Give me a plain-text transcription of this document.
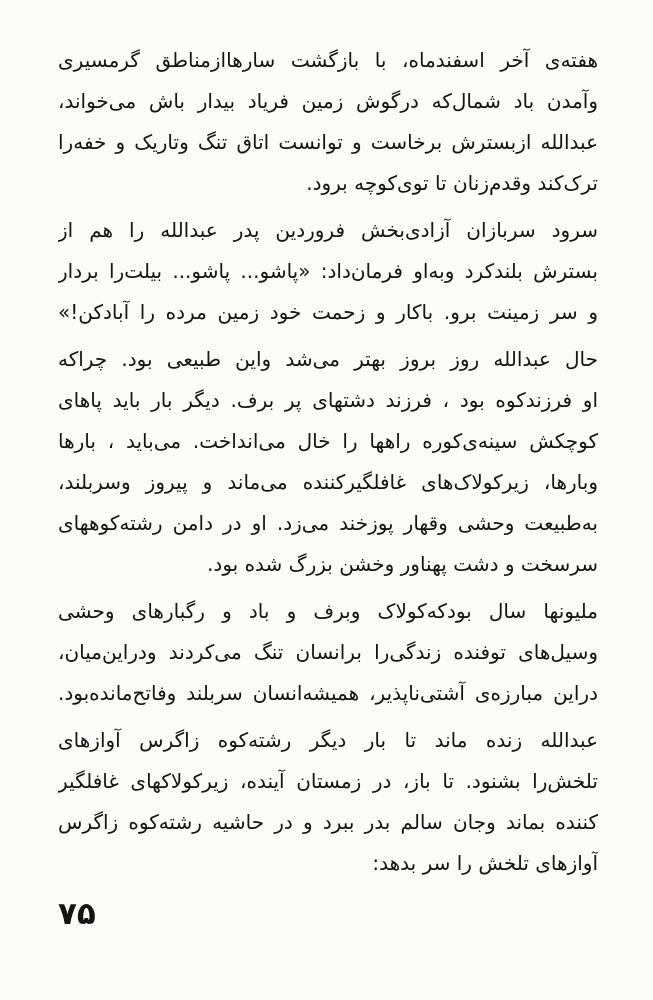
هفته‌ی آخر اسفندماه، با بازگشت سارهاازمناطق گرمسیری
وآمدن باد شمال‌که درگوش زمین فریاد بیدار باش می‌خواند،
عبدالله ازبسترش برخاست و توانست اتاق تنگ وتاریک و خفه‌را
ترک‌کند وقدم‌زنان تا توی‌کوچه برود.
سرود سربازان آزادی‌بخش فروردین پدر عبدالله را هم از
بسترش بلندکرد وبه‌او فرمان‌داد: «پاشو... پاشو... بیلت‌را بردار
و سر زمینت برو. باکار و زحمت خود زمین مرده را آبادکن!»
حال عبدالله روز بروز بهتر می‌شد واین طبیعی بود. چراکه
او فرزندکوه بود ، فرزند دشتهای پر برف. دیگر بار باید پاهای
کوچکش سینه‌ی‌کوره راهها را خال می‌انداخت. می‌باید ، بارها
وبارها، زیرکولاک‌های غافلگیرکننده می‌ماند و پیروز وسربلند،
به‌طبیعت وحشی وقهار پوزخند می‌زد. او در دامن رشته‌کوههای
سرسخت و دشت پهناور وخشن بزرگ شده بود.
ملیونها سال بودکه‌کولاک وبرف و باد و رگبارهای وحشی
وسیل‌های توفنده زندگی‌را برانسان تنگ می‌کردند ودراین‌میان،
دراین مبارزه‌ی آشتی‌ناپذیر، همیشه‌انسان سربلند وفاتح‌مانده‌بود.
عبدالله زنده ماند تا بار دیگر رشته‌کوه زاگرس آوازهای
تلخش‌را بشنود. تا باز، در زمستان آینده، زیرکولاکهای غافلگیر
کننده بماند وجان سالم بدر ببرد و در حاشیه رشته‌کوه زاگرس
آوازهای تلخش را سر بدهد:
۷۵
